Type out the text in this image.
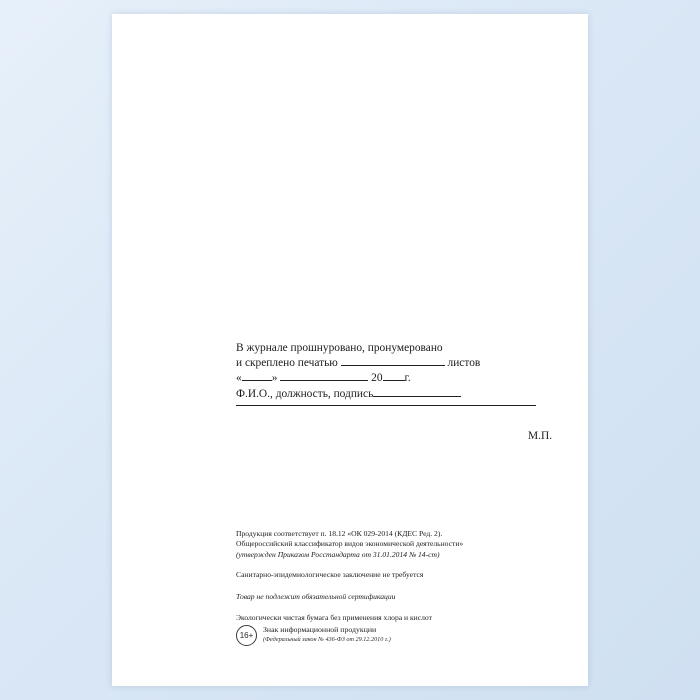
В журнале прошнуровано, пронумеровано
и скреплено печатью	листов
«	»	20 г.
Ф.И.О., должность, подпись
М.П.
Продукция соответствует п. 18.12 «ОК 029-2014 (КДЕС Ред. 2).
Общероссийский классификатор видов экономической деятельности»
(утвержден Приказом Росстандарта от 31.01.2014 № 14-ст)
Санитарно-эпидемиологическое заключение не требуется
Товар не подлежит обязательной сертификации
Экологически чистая бумага без применения хлора и кислот
16+
Знак информационной продукции
(Федеральный закон № 436-ФЗ от 29.12.2010 г.)
